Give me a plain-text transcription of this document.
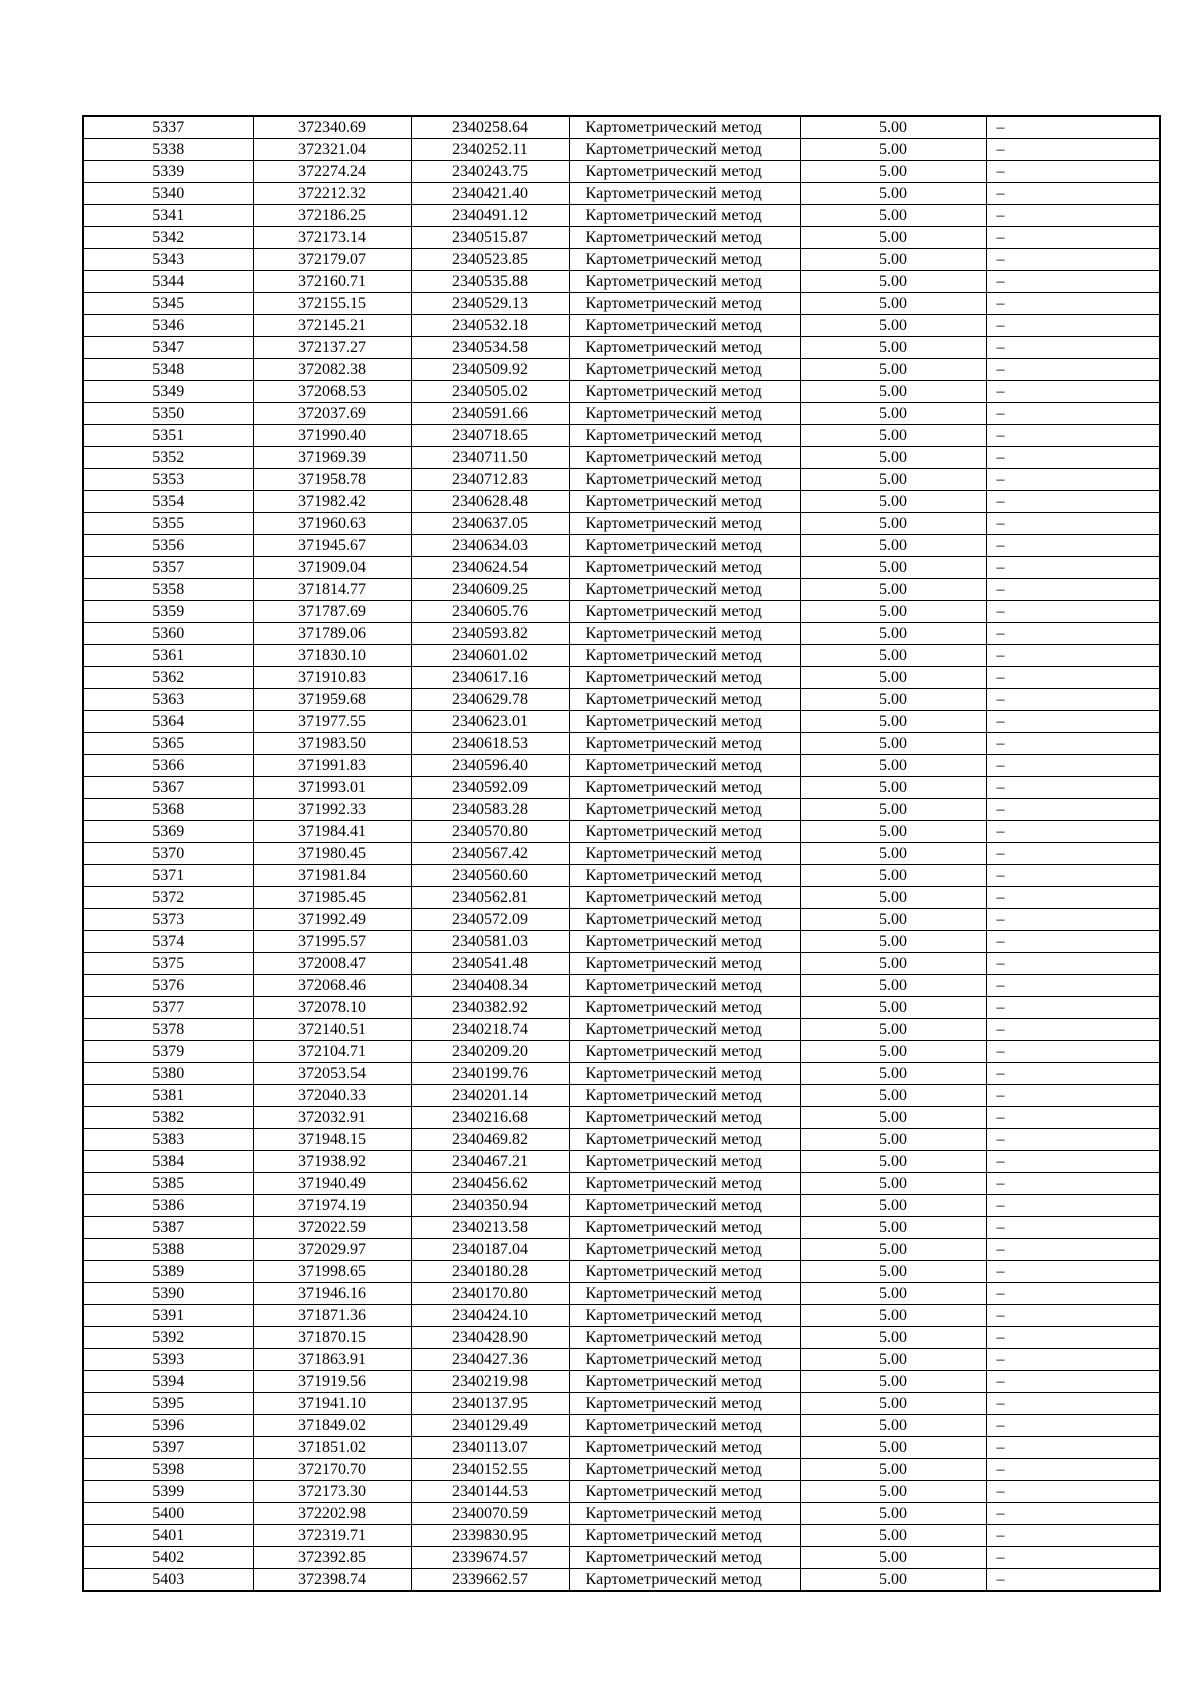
5337	372340.69	2340258.64	Картометрический метод	5.00	–
5338	372321.04	2340252.11	Картометрический метод	5.00	–
5339	372274.24	2340243.75	Картометрический метод	5.00	–
5340	372212.32	2340421.40	Картометрический метод	5.00	–
5341	372186.25	2340491.12	Картометрический метод	5.00	–
5342	372173.14	2340515.87	Картометрический метод	5.00	–
5343	372179.07	2340523.85	Картометрический метод	5.00	–
5344	372160.71	2340535.88	Картометрический метод	5.00	–
5345	372155.15	2340529.13	Картометрический метод	5.00	–
5346	372145.21	2340532.18	Картометрический метод	5.00	–
5347	372137.27	2340534.58	Картометрический метод	5.00	–
5348	372082.38	2340509.92	Картометрический метод	5.00	–
5349	372068.53	2340505.02	Картометрический метод	5.00	–
5350	372037.69	2340591.66	Картометрический метод	5.00	–
5351	371990.40	2340718.65	Картометрический метод	5.00	–
5352	371969.39	2340711.50	Картометрический метод	5.00	–
5353	371958.78	2340712.83	Картометрический метод	5.00	–
5354	371982.42	2340628.48	Картометрический метод	5.00	–
5355	371960.63	2340637.05	Картометрический метод	5.00	–
5356	371945.67	2340634.03	Картометрический метод	5.00	–
5357	371909.04	2340624.54	Картометрический метод	5.00	–
5358	371814.77	2340609.25	Картометрический метод	5.00	–
5359	371787.69	2340605.76	Картометрический метод	5.00	–
5360	371789.06	2340593.82	Картометрический метод	5.00	–
5361	371830.10	2340601.02	Картометрический метод	5.00	–
5362	371910.83	2340617.16	Картометрический метод	5.00	–
5363	371959.68	2340629.78	Картометрический метод	5.00	–
5364	371977.55	2340623.01	Картометрический метод	5.00	–
5365	371983.50	2340618.53	Картометрический метод	5.00	–
5366	371991.83	2340596.40	Картометрический метод	5.00	–
5367	371993.01	2340592.09	Картометрический метод	5.00	–
5368	371992.33	2340583.28	Картометрический метод	5.00	–
5369	371984.41	2340570.80	Картометрический метод	5.00	–
5370	371980.45	2340567.42	Картометрический метод	5.00	–
5371	371981.84	2340560.60	Картометрический метод	5.00	–
5372	371985.45	2340562.81	Картометрический метод	5.00	–
5373	371992.49	2340572.09	Картометрический метод	5.00	–
5374	371995.57	2340581.03	Картометрический метод	5.00	–
5375	372008.47	2340541.48	Картометрический метод	5.00	–
5376	372068.46	2340408.34	Картометрический метод	5.00	–
5377	372078.10	2340382.92	Картометрический метод	5.00	–
5378	372140.51	2340218.74	Картометрический метод	5.00	–
5379	372104.71	2340209.20	Картометрический метод	5.00	–
5380	372053.54	2340199.76	Картометрический метод	5.00	–
5381	372040.33	2340201.14	Картометрический метод	5.00	–
5382	372032.91	2340216.68	Картометрический метод	5.00	–
5383	371948.15	2340469.82	Картометрический метод	5.00	–
5384	371938.92	2340467.21	Картометрический метод	5.00	–
5385	371940.49	2340456.62	Картометрический метод	5.00	–
5386	371974.19	2340350.94	Картометрический метод	5.00	–
5387	372022.59	2340213.58	Картометрический метод	5.00	–
5388	372029.97	2340187.04	Картометрический метод	5.00	–
5389	371998.65	2340180.28	Картометрический метод	5.00	–
5390	371946.16	2340170.80	Картометрический метод	5.00	–
5391	371871.36	2340424.10	Картометрический метод	5.00	–
5392	371870.15	2340428.90	Картометрический метод	5.00	–
5393	371863.91	2340427.36	Картометрический метод	5.00	–
5394	371919.56	2340219.98	Картометрический метод	5.00	–
5395	371941.10	2340137.95	Картометрический метод	5.00	–
5396	371849.02	2340129.49	Картометрический метод	5.00	–
5397	371851.02	2340113.07	Картометрический метод	5.00	–
5398	372170.70	2340152.55	Картометрический метод	5.00	–
5399	372173.30	2340144.53	Картометрический метод	5.00	–
5400	372202.98	2340070.59	Картометрический метод	5.00	–
5401	372319.71	2339830.95	Картометрический метод	5.00	–
5402	372392.85	2339674.57	Картометрический метод	5.00	–
5403	372398.74	2339662.57	Картометрический метод	5.00	–
